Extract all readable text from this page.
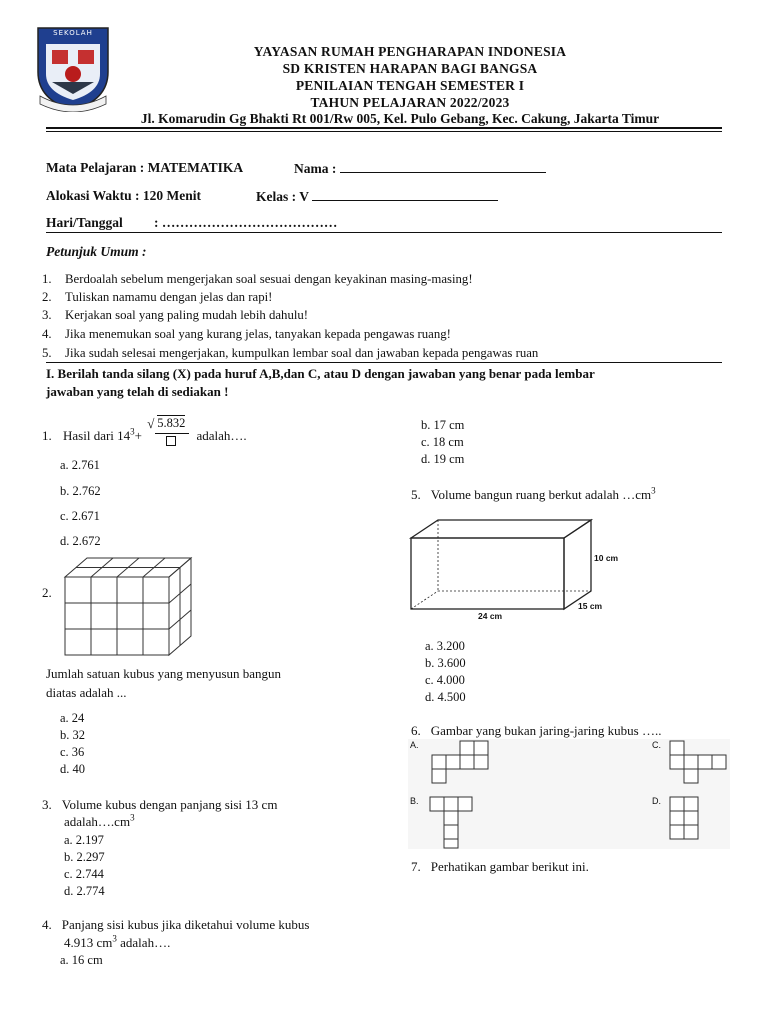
SEKOLAH
YAYASAN RUMAH PENGHARAPAN INDONESIA
SD KRISTEN HARAPAN BAGI BANGSA
PENILAIAN TENGAH SEMESTER I
TAHUN PELAJARAN 2022/2023
Jl. Komarudin Gg Bhakti Rt 001/Rw 005, Kel. Pulo Gebang, Kec. Cakung, Jakarta Timur
Mata Pelajaran : MATEMATIKA	Nama :
Alokasi Waktu : 120 Menit	Kelas : V
Hari/Tanggal : …………………………………
Petunjuk Umum :
1. Berdoalah sebelum mengerjakan soal sesuai dengan keyakinan masing-masing!
2. Tuliskan namamu dengan jelas dan rapi!
3. Kerjakan soal yang paling mudah lebih dahulu!
4. Jika menemukan soal yang kurang jelas, tanyakan kepada pengawas ruang!
5. Jika sudah selesai mengerjakan, kumpulkan lembar soal dan jawaban kepada pengawas ruan
I. Berilah tanda silang (X) pada huruf A,B,dan C, atau D dengan jawaban yang benar pada lembar
jawaban yang telah di sediakan !
1. Hasil dari $14^3+$
√ 5.832
adalah….
a. 2.761
b. 2.762
c. 2.671
d. 2.672
2.
Jumlah satuan kubus yang menyusun bangun
diatas adalah ...
a. 24
b. 32
c. 36
d. 40
3. Volume kubus dengan panjang sisi 13 cm
$adalah\dots.cm^3$
a. 2.197
b. 2.297
c. 2.744
d. 2.774
4. Panjang sisi kubus jika diketahui volume kubus
4.913 $cm^3$ adalah….
a. 16 cm
b. 17 cm
c. 18 cm
d. 19 cm
5. Volume bangun ruang berkut adalah $\dots cm^3$
10 cm
15 cm
24 cm
a. 3.200
b. 3.600
c. 4.000
d. 4.500
6. Gambar yang bukan jaring-jaring kubus …..
A.
B.
C.
D.
7. Perhatikan gambar berikut ini.
